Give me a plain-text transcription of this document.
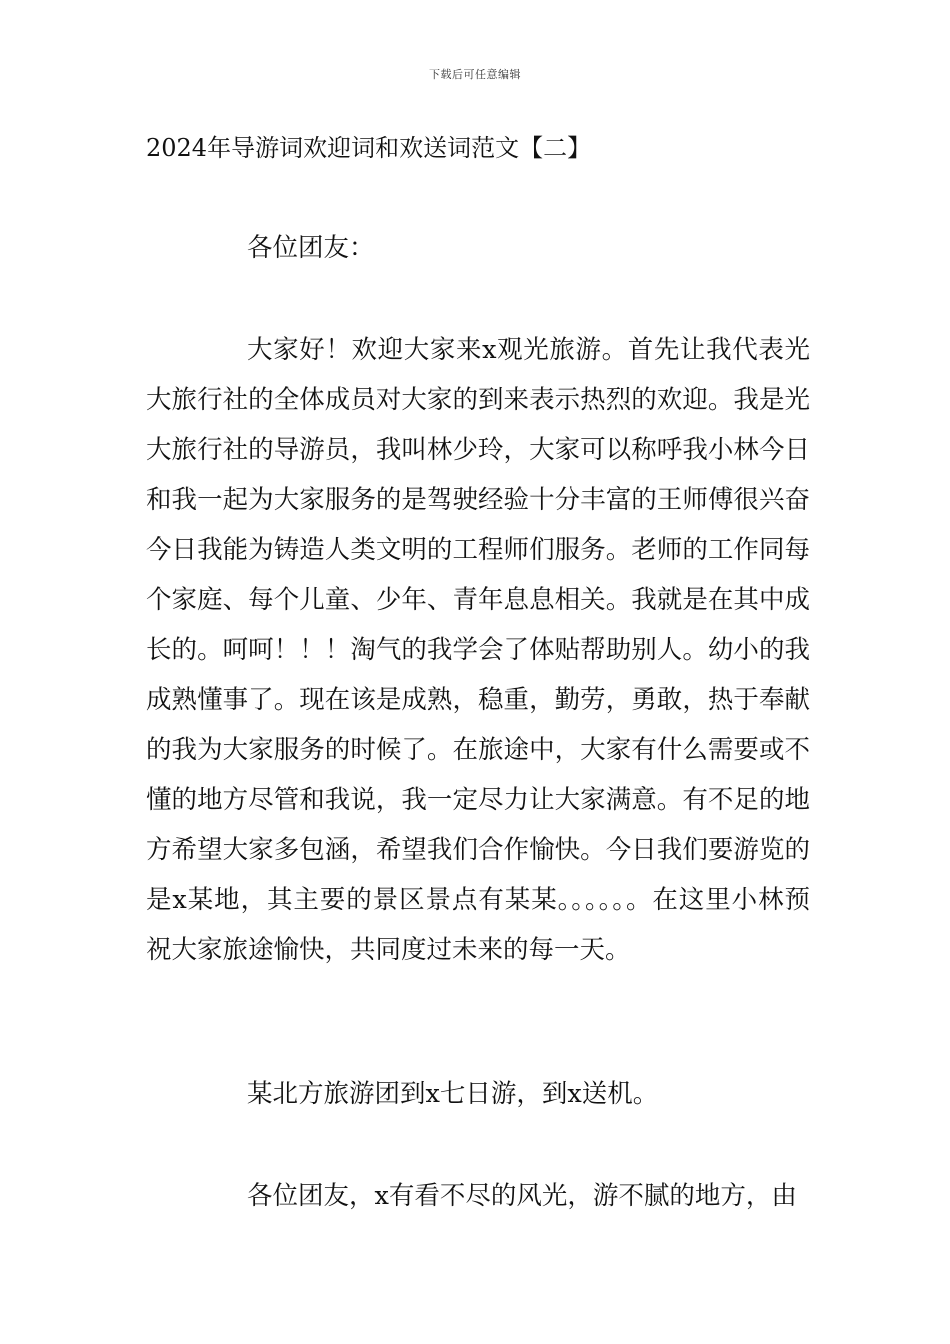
下载后可任意编辑
2024年导游词欢迎词和欢送词范文【二】

各位团友：

大家好！欢迎大家来x观光旅游。首先让我代表光大旅行社的全体成员对大家的到来表示热烈的欢迎。我是光大旅行社的导游员，我叫林少玲，大家可以称呼我小林今日和我一起为大家服务的是驾驶经验十分丰富的王师傅很兴奋今日我能为铸造人类文明的工程师们服务。老师的工作同每个家庭、每个儿童、少年、青年息息相关。我就是在其中成长的。呵呵！！！淘气的我学会了体贴帮助别人。幼小的我成熟懂事了。现在该是成熟，稳重，勤劳，勇敢，热于奉献的我为大家服务的时候了。在旅途中，大家有什么需要或不懂的地方尽管和我说，我一定尽力让大家满意。有不足的地方希望大家多包涵，希望我们合作愉快。今日我们要游览的是x某地，其主要的景区景点有某某。。。。。。在这里小林预祝大家旅途愉快，共同度过未来的每一天。

某北方旅游团到x七日游，到x送机。

各位团友，x有看不尽的风光，游不腻的地方，由
